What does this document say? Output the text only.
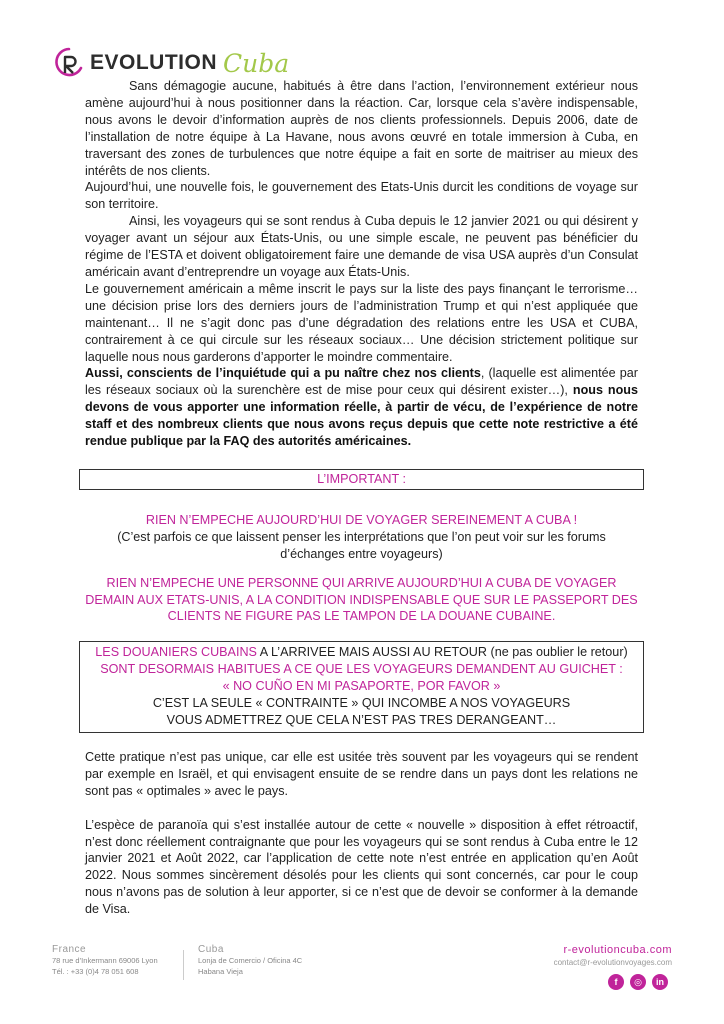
EVOLUTION Cuba

Sans démagogie aucune, habitués à être dans l’action, l’environnement extérieur nous amène aujourd’hui à nous positionner dans la réaction. Car, lorsque cela s’avère indispensable, nous avons le devoir d’information auprès de nos clients professionnels. Depuis 2006, date de l’installation de notre équipe à La Havane, nous avons œuvré en totale immersion à Cuba, en traversant des zones de turbulences que notre équipe a fait en sorte de maitriser au mieux des intérêts de nos clients.

Aujourd’hui, une nouvelle fois, le gouvernement des Etats-Unis durcit les conditions de voyage sur son territoire.

Ainsi, les voyageurs qui se sont rendus à Cuba depuis le 12 janvier 2021 ou qui désirent y voyager avant un séjour aux États-Unis, ou une simple escale, ne peuvent pas bénéficier du régime de l’ESTA et doivent obligatoirement faire une demande de visa USA auprès d’un Consulat américain avant d’entreprendre un voyage aux États-Unis.

Le gouvernement américain a même inscrit le pays sur la liste des pays finançant le terrorisme… une décision prise lors des derniers jours de l’administration Trump et qui n’est appliquée que maintenant… Il ne s’agit donc pas d’une dégradation des relations entre les USA et CUBA, contrairement à ce qui circule sur les réseaux sociaux… Une décision strictement politique sur laquelle nous nous garderons d’apporter le moindre commentaire.

Aussi, conscients de l’inquiétude qui a pu naître chez nos clients, (laquelle est alimentée par les réseaux sociaux où la surenchère est de mise pour ceux qui désirent exister…), nous nous devons de vous apporter une information réelle, à partir de vécu, de l’expérience de notre staff et des nombreux clients que nous avons reçus depuis que cette note restrictive a été rendue publique par la FAQ des autorités américaines.

L’IMPORTANT :

RIEN N’EMPECHE AUJOURD’HUI DE VOYAGER SEREINEMENT A CUBA !

(C’est parfois ce que laissent penser les interprétations que l’on peut voir sur les forums d’échanges entre voyageurs)

RIEN N’EMPECHE UNE PERSONNE QUI ARRIVE AUJOURD’HUI A CUBA DE VOYAGER DEMAIN AUX ETATS-UNIS, A LA CONDITION INDISPENSABLE QUE SUR LE PASSEPORT DES CLIENTS NE FIGURE PAS LE TAMPON DE LA DOUANE CUBAINE.

LES DOUANIERS CUBAINS A L’ARRIVEE MAIS AUSSI AU RETOUR (ne pas oublier le retour) SONT DESORMAIS HABITUES A CE QUE LES VOYAGEURS DEMANDENT AU GUICHET :
« NO CUÑO EN MI PASAPORTE, POR FAVOR »
C’EST LA SEULE « CONTRAINTE » QUI INCOMBE A NOS VOYAGEURS
VOUS ADMETTREZ QUE CELA N’EST PAS TRES DERANGEANT…

Cette pratique n’est pas unique, car elle est usitée très souvent par les voyageurs qui se rendent par exemple en Israël, et qui envisagent ensuite de se rendre dans un pays dont les relations ne sont pas « optimales » avec le pays.

L’espèce de paranoïa qui s’est installée autour de cette « nouvelle » disposition à effet rétroactif, n’est donc réellement contraignante que pour les voyageurs qui se sont rendus à Cuba entre le 12 janvier 2021 et Août 2022, car l’application de cette note n’est entrée en application qu’en Août 2022. Nous sommes sincèrement désolés pour les clients qui sont concernés, car pour le coup nous n’avons pas de solution à leur apporter, si ce n’est que de devoir se conformer à la demande de Visa.

France
78 rue d’Inkermann 69006 Lyon
Tél. : +33 (0)4 78 051 608
Cuba
Lonja de Comercio / Oficina 4C
Habana Vieja
r-evolutioncuba.com
contact@r-evolutionvoyages.com
f	◎	in
